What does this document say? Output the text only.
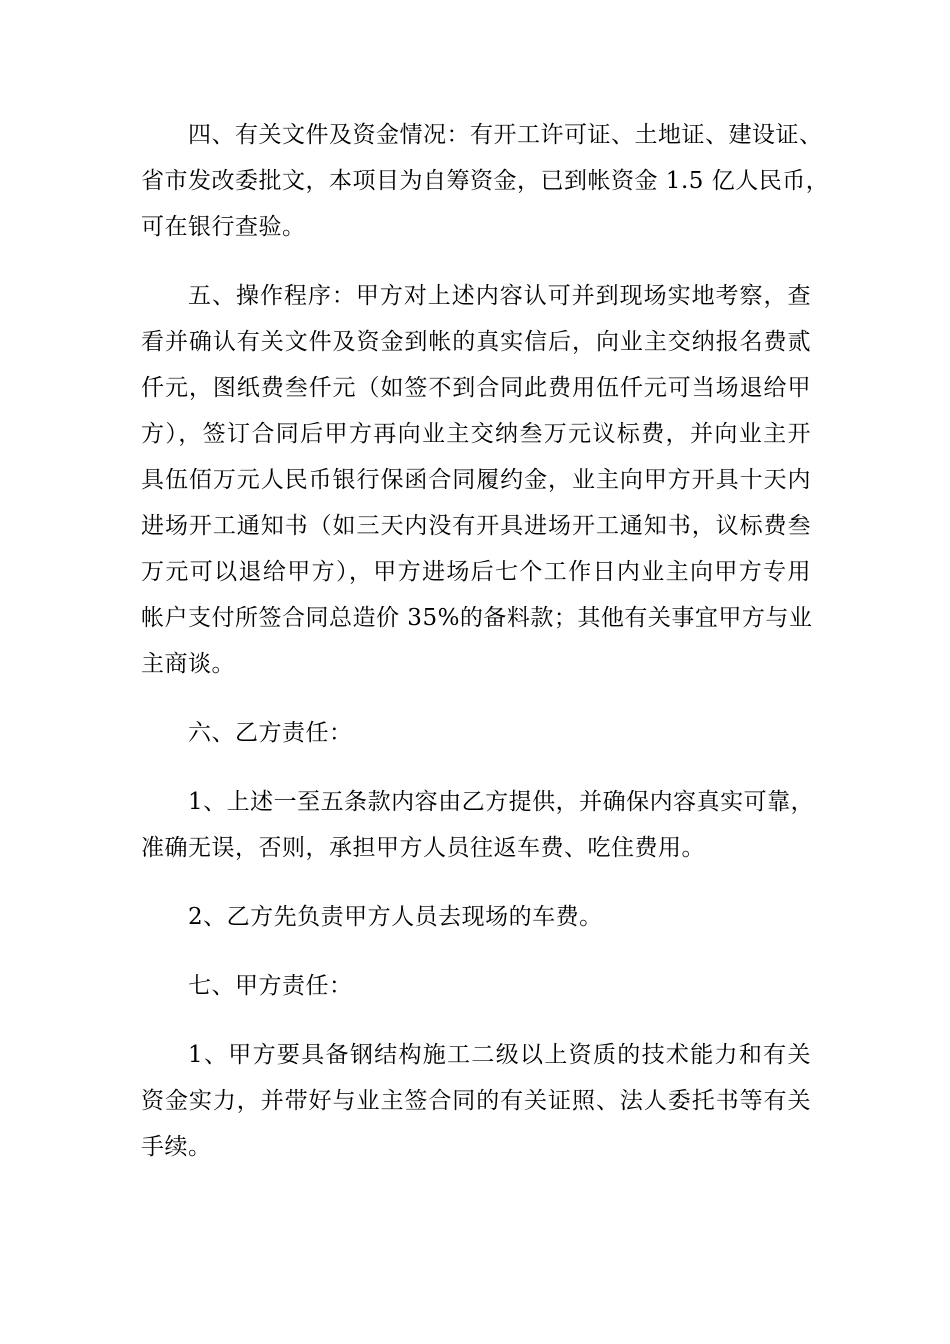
四、有关文件及资金情况：有开工许可证、土地证、建设证、
省市发改委批文，本项目为自筹资金，已到帐资金 1.5 亿人民币，
可在银行查验。

五、操作程序：甲方对上述内容认可并到现场实地考察，查
看并确认有关文件及资金到帐的真实信后，向业主交纳报名费贰
仟元，图纸费叁仟元（如签不到合同此费用伍仟元可当场退给甲
方），签订合同后甲方再向业主交纳叁万元议标费，并向业主开
具伍佰万元人民币银行保函合同履约金，业主向甲方开具十天内
进场开工通知书（如三天内没有开具进场开工通知书，议标费叁
万元可以退给甲方），甲方进场后七个工作日内业主向甲方专用
帐户支付所签合同总造价 35%的备料款；其他有关事宜甲方与业
主商谈。

六、乙方责任：

1、上述一至五条款内容由乙方提供，并确保内容真实可靠，
准确无误，否则，承担甲方人员往返车费、吃住费用。

2、乙方先负责甲方人员去现场的车费。

七、甲方责任：

1、甲方要具备钢结构施工二级以上资质的技术能力和有关
资金实力，并带好与业主签合同的有关证照、法人委托书等有关
手续。
